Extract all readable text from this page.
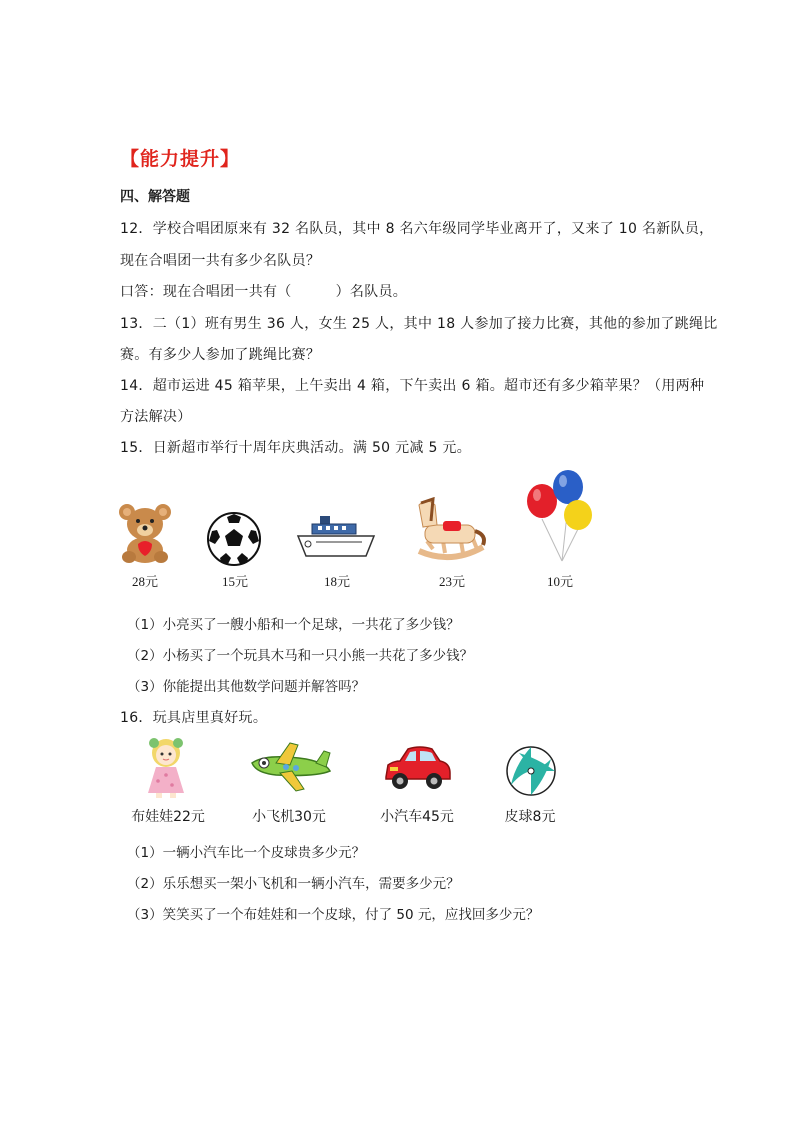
【能力提升】
四、解答题
12．学校合唱团原来有 32 名队员，其中 8 名六年级同学毕业离开了，又来了 10 名新队员，
现在合唱团一共有多少名队员？
口答：现在合唱团一共有（	）名队员。
13．二（1）班有男生 36 人，女生 25 人，其中 18 人参加了接力比赛，其他的参加了跳绳比
赛。有多少人参加了跳绳比赛？
14．超市运进 45 箱苹果，上午卖出 4 箱，下午卖出 6 箱。超市还有多少箱苹果？（用两种
方法解决）
15．日新超市举行十周年庆典活动。满 50 元减 5 元。
28元	15元	18元	23元	10元
（1）小亮买了一艘小船和一个足球，一共花了多少钱？
（2）小杨买了一个玩具木马和一只小熊一共花了多少钱？
（3）你能提出其他数学问题并解答吗？
16．玩具店里真好玩。
布娃娃22元	小飞机30元	小汽车45元	皮球8元
（1）一辆小汽车比一个皮球贵多少元？
（2）乐乐想买一架小飞机和一辆小汽车，需要多少元？
（3）笑笑买了一个布娃娃和一个皮球，付了 50 元，应找回多少元？
